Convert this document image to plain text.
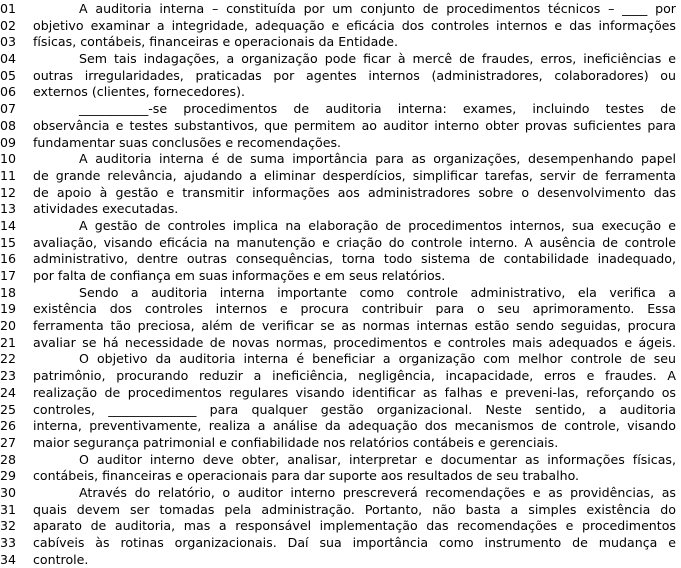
01	A auditoria interna – constituída por um conjunto de procedimentos técnicos – ____ por
02	objetivo examinar a integridade, adequação e eficácia dos controles internos e das informações
03	físicas, contábeis, financeiras e operacionais da Entidade.
04	Sem tais indagações, a organização pode ficar à mercê de fraudes, erros, ineficiências e
05	outras irregularidades, praticadas por agentes internos (administradores, colaboradores) ou
06	externos (clientes, fornecedores).
07	___________-se procedimentos de auditoria interna: exames, incluindo testes de
08	observância e testes substantivos, que permitem ao auditor interno obter provas suficientes para
09	fundamentar suas conclusões e recomendações.
10	A auditoria interna é de suma importância para as organizações, desempenhando papel
11	de grande relevância, ajudando a eliminar desperdícios, simplificar tarefas, servir de ferramenta
12	de apoio à gestão e transmitir informações aos administradores sobre o desenvolvimento das
13	atividades executadas.
14	A gestão de controles implica na elaboração de procedimentos internos, sua execução e
15	avaliação, visando eficácia na manutenção e criação do controle interno. A ausência de controle
16	administrativo, dentre outras consequências, torna todo sistema de contabilidade inadequado,
17	por falta de confiança em suas informações e em seus relatórios.
18	Sendo a auditoria interna importante como controle administrativo, ela verifica a
19	existência dos controles internos e procura contribuir para o seu aprimoramento. Essa
20	ferramenta tão preciosa, além de verificar se as normas internas estão sendo seguidas, procura
21	avaliar se há necessidade de novas normas, procedimentos e controles mais adequados e ágeis.
22	O objetivo da auditoria interna é beneficiar a organização com melhor controle de seu
23	patrimônio, procurando reduzir a ineficiência, negligência, incapacidade, erros e fraudes. A
24	realização de procedimentos regulares visando identificar as falhas e preveni-las, reforçando os
25	controles, ______________ para qualquer gestão organizacional. Neste sentido, a auditoria
26	interna, preventivamente, realiza a análise da adequação dos mecanismos de controle, visando
27	maior segurança patrimonial e confiabilidade nos relatórios contábeis e gerenciais.
28	O auditor interno deve obter, analisar, interpretar e documentar as informações físicas,
29	contábeis, financeiras e operacionais para dar suporte aos resultados de seu trabalho.
30	Através do relatório, o auditor interno prescreverá recomendações e as providências, as
31	quais devem ser tomadas pela administração. Portanto, não basta a simples existência do
32	aparato de auditoria, mas a responsável implementação das recomendações e procedimentos
33	cabíveis às rotinas organizacionais. Daí sua importância como instrumento de mudança e
34	controle.
